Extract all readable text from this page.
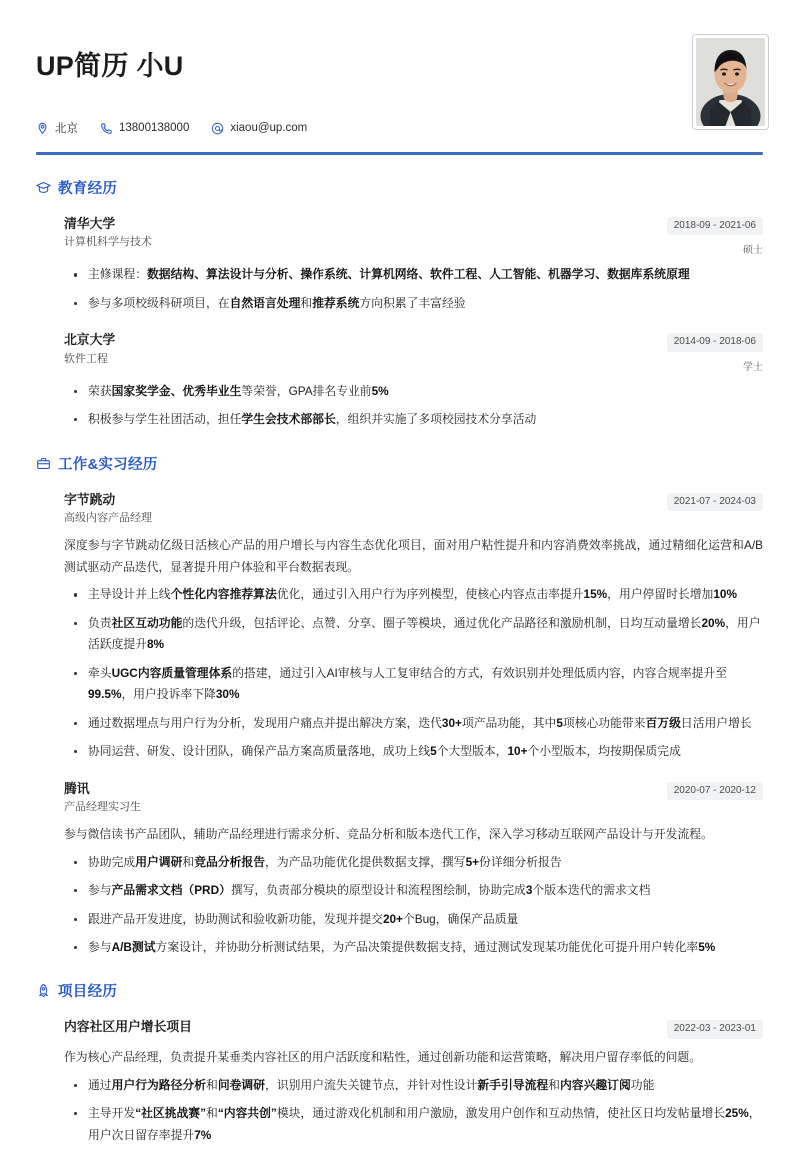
UP简历 小U
北京	13800138000	xiaou@up.com
教育经历
清华大学
计算机科学与技术
2018-09 - 2021-06
硕士
主修课程：数据结构、算法设计与分析、操作系统、计算机网络、软件工程、人工智能、机器学习、数据库系统原理
参与多项校级科研项目，在自然语言处理和推荐系统方向积累了丰富经验
北京大学
软件工程
2014-09 - 2018-06
学士
荣获国家奖学金、优秀毕业生等荣誉，GPA排名专业前5%
积极参与学生社团活动，担任学生会技术部部长，组织并实施了多项校园技术分享活动
工作&实习经历
字节跳动
高级内容产品经理
2021-07 - 2024-03
深度参与字节跳动亿级日活核心产品的用户增长与内容生态优化项目，面对用户粘性提升和内容消费效率挑战，通过精细化运营和A/B测试驱动产品迭代，显著提升用户体验和平台数据表现。
主导设计并上线个性化内容推荐算法优化，通过引入用户行为序列模型，使核心内容点击率提升15%，用户停留时长增加10%
负责社区互动功能的迭代升级，包括评论、点赞、分享、圈子等模块，通过优化产品路径和激励机制，日均互动量增长20%，用户活跃度提升8%
牵头UGC内容质量管理体系的搭建，通过引入AI审核与人工复审结合的方式，有效识别并处理低质内容，内容合规率提升至99.5%，用户投诉率下降30%
通过数据埋点与用户行为分析，发现用户痛点并提出解决方案，迭代30+项产品功能，其中5项核心功能带来百万级日活用户增长
协同运营、研发、设计团队，确保产品方案高质量落地，成功上线5个大型版本，10+个小型版本，均按期保质完成
腾讯
产品经理实习生
2020-07 - 2020-12
参与微信读书产品团队，辅助产品经理进行需求分析、竞品分析和版本迭代工作，深入学习移动互联网产品设计与开发流程。
协助完成用户调研和竞品分析报告，为产品功能优化提供数据支撑，撰写5+份详细分析报告
参与产品需求文档（PRD）撰写，负责部分模块的原型设计和流程图绘制，协助完成3个版本迭代的需求文档
跟进产品开发进度，协助测试和验收新功能，发现并提交20+个Bug，确保产品质量
参与A/B测试方案设计，并协助分析测试结果，为产品决策提供数据支持，通过测试发现某功能优化可提升用户转化率5%
项目经历
内容社区用户增长项目	2022-03 - 2023-01
作为核心产品经理，负责提升某垂类内容社区的用户活跃度和粘性，通过创新功能和运营策略，解决用户留存率低的问题。
通过用户行为路径分析和问卷调研，识别用户流失关键节点，并针对性设计新手引导流程和内容兴趣订阅功能
主导开发“社区挑战赛”和“内容共创”模块，通过游戏化机制和用户激励，激发用户创作和互动热情，使社区日均发帖量增长25%，用户次日留存率提升7%
